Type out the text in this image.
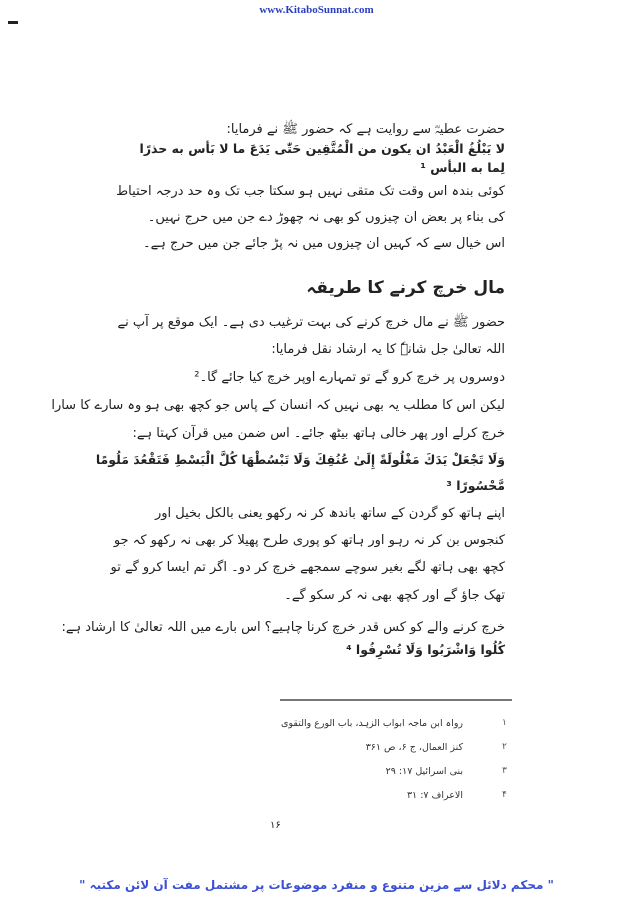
www.KitaboSunnat.com
حضرت عطیہؓ سے روایت ہے کہ حضور ﷺ نے فرمایا:
لا يَبْلُغُ الْعَبْدُ ان يكون من الْمُتَّقِين حَتّٰى يَدَعَ ما لا بَأس به حذرًا
لِما به البأس ¹
کوئی بندہ اس وقت تک متقی نہیں ہو سکتا جب تک وہ حد درجہ احتیاط
کی بناء پر بعض ان چیزوں کو بھی نہ چھوڑ دے جن میں حرج نہیں۔
اس خیال سے کہ کہیں ان چیزوں میں نہ پڑ جائے جن میں حرج ہے۔
مال خرچ کرنے کا طریقہ
حضور ﷺ نے مال خرچ کرنے کی بہت ترغیب دی ہے۔ ایک موقع پر آپ نے
اللہ تعالیٰ جل شانہٗ کا یہ ارشاد نقل فرمایا:
دوسروں پر خرچ کرو گے تو تمہارے اوپر خرچ کیا جائے گا۔²
لیکن اس کا مطلب یہ بھی نہیں کہ انسان کے پاس جو کچھ بھی ہو وہ سارے کا سارا
خرچ کرلے اور پھر خالی ہاتھ بیٹھ جائے۔ اس ضمن میں قرآن کہتا ہے:
وَلَا تَجْعَلْ يَدَكَ مَغْلُولَةً إِلَىٰ عُنُقِكَ وَلَا تَبْسُطْهَا كُلَّ الْبَسْطِ فَتَقْعُدَ مَلُومًا
مَّحْسُورًا ³
اپنے ہاتھ کو گردن کے ساتھ باندھ کر نہ رکھو یعنی بالکل بخیل اور
کنجوس بن کر نہ رہو اور ہاتھ کو پوری طرح پھیلا کر بھی نہ رکھو کہ جو
کچھ بھی ہاتھ لگے بغیر سوچے سمجھے خرچ کر دو۔ اگر تم ایسا کرو گے تو
تھک جاؤ گے اور کچھ بھی نہ کر سکو گے۔
خرچ کرنے والے کو کس قدر خرچ کرنا چاہیے؟ اس بارے میں اللہ تعالیٰ کا ارشاد ہے:
كُلُوا وَاشْرَبُوا وَلَا تُسْرِفُوا ⁴
۱
رواہ ابن ماجہ ابواب الزہد، باب الورع والتقوی
۲
کنز العمال، ج ۶، ص ۳۶۱
۳
بنی اسرائیل ۱۷: ۲۹
۴
الاعراف ۷: ۳۱
۱۶
" محکم دلائل سے مزین متنوع و منفرد موضوعات پر مشتمل مفت آن لائن مکتبہ "
